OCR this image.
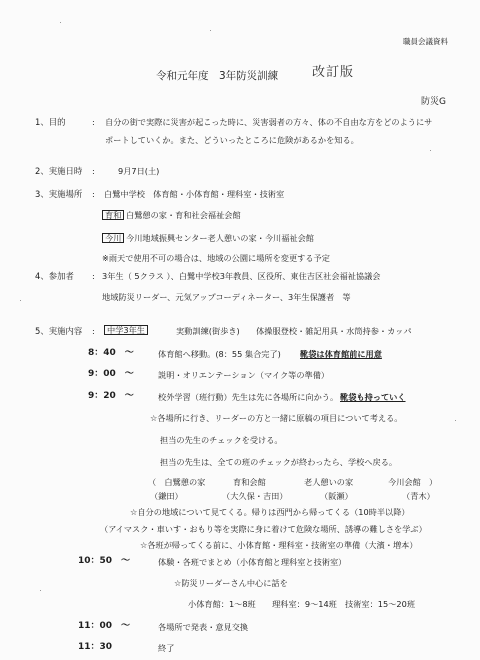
職員会議資料
令和元年度　3年防災訓練	改訂版
防災G
1、目的	: 自分の街で実際に災害が起こった時に、災害弱者の方々、体の不自由な方をどのようにサ
ポートしていくか。また、どういったところに危険があるかを知る。
2、実施日時 :	9月7日(土)
3、実施場所 : 白鷺中学校　体育館・小体育館・理科室・技術室
育和 白鷺憩の家・育和社会福祉会館
今川 今川地域振興センター老人憩いの家・今川福祉会館
※雨天で使用不可の場合は、地域の公園に場所を変更する予定
4、参加者 : 3年生（ 5クラス ）、白鷺中学校3年教員、区役所、東住吉区社会福祉協議会
地域防災リーダー、元気アップコーディネーター、3年生保護者　等
5、実施内容 :	中学3年生	実動訓練(街歩き)　　体操服登校・雑記用具・水筒持参・カッパ
8：40　～	体育館へ移動。(8：55 集合完了) 靴袋は体育館前に用意
9：00　～	説明・オリエンテーション（マイク等の準備）
9：20　～	校外学習（班行動）先生は先に各場所に向かう。 靴袋も持っていく
☆各場所に行き、リーダーの方と一緒に原稿の項目について考える。
担当の先生のチェックを受ける。
担当の先生は、全ての班のチェックが終わったら、学校へ戻る。
（　白鷺憩の家	育和会館	老人憩いの家	今川会館　）
（鎌田）	（大久保・吉田）	（阪瀬）	（青木）
☆自分の地域について見てくる。帰りは西門から帰ってくる（10時半以降）
（アイマスク・車いす・おもり等を実際に身に着けて危険な場所、誘導の難しさを学ぶ）
☆各班が帰ってくる前に、小体育館・理科室・技術室の準備（大濱・増本）
10：50　～	体験・各班でまとめ（小体育館と理科室と技術室）
☆防災リーダーさん中心に話を
小体育館：1～8班　　理科室：9～14班　技術室：15～20班
11：00　～	各場所で発表・意見交換
11：30	終了
